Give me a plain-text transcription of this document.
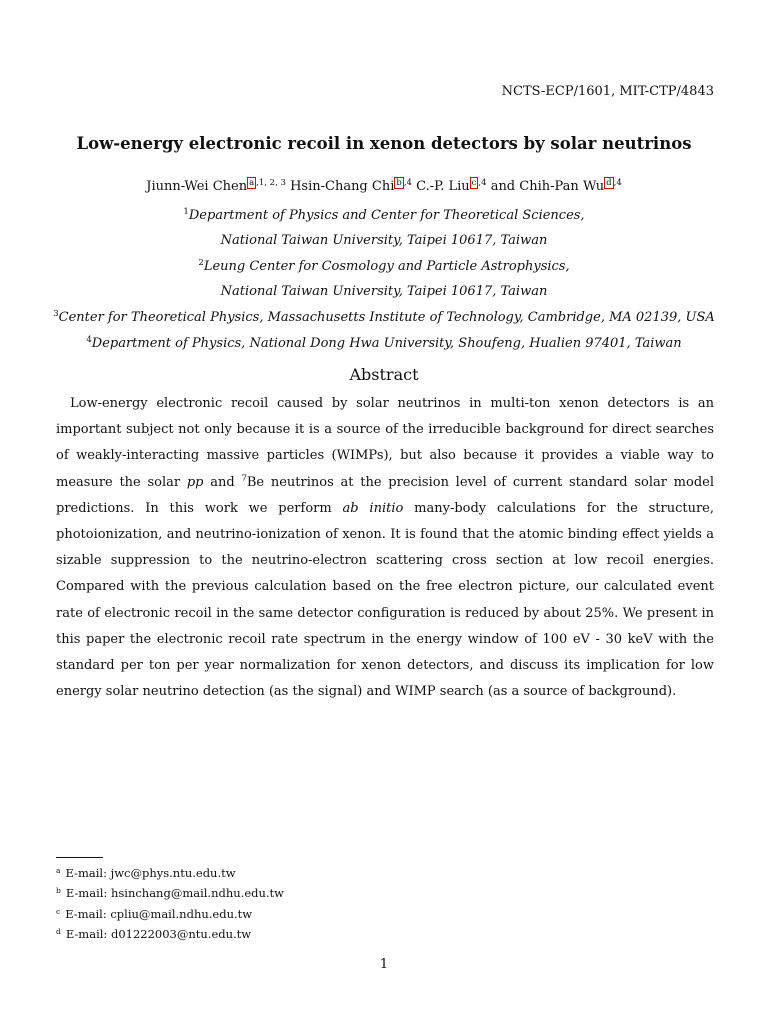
NCTS-ECP/1601, MIT-CTP/4843
Low-energy electronic recoil in xenon detectors by solar neutrinos
Jiunn-Wei Chen $^{a ,1, 2, 3}$ Hsin-Chang Chi $^{b ,4}$ C.-P. Liu $^{c ,4}$ and Chih-Pan Wu $^{d ,4}$
$^1$Department of Physics and Center for Theoretical Sciences,
National Taiwan University, Taipei 10617, Taiwan
$^2$Leung Center for Cosmology and Particle Astrophysics,
National Taiwan University, Taipei 10617, Taiwan
$^3$Center for Theoretical Physics, Massachusetts Institute of Technology, Cambridge, MA 02139, USA
$^4$Department of Physics, National Dong Hwa University, Shoufeng, Hualien 97401, Taiwan
Abstract
Low-energy electronic recoil caused by solar neutrinos in multi-ton xenon detectors is an important subject not only because it is a source of the irreducible background for direct searches of weakly-interacting massive particles (WIMPs), but also because it provides a viable way to measure the solar pp and $^7$Be neutrinos at the precision level of current standard solar model predictions. In this work we perform ab initio many-body calculations for the structure, photoionization, and neutrino-ionization of xenon. It is found that the atomic binding effect yields a sizable suppression to the neutrino-electron scattering cross section at low recoil energies. Compared with the previous calculation based on the free electron picture, our calculated event rate of electronic recoil in the same detector configuration is reduced by about 25%. We present in this paper the electronic recoil rate spectrum in the energy window of 100 eV - 30 keV with the standard per ton per year normalization for xenon detectors, and discuss its implication for low energy solar neutrino detection (as the signal) and WIMP search (as a source of background).
$^a$ E-mail: jwc@phys.ntu.edu.tw
$^b$ E-mail: hsinchang@mail.ndhu.edu.tw
$^c$ E-mail: cpliu@mail.ndhu.edu.tw
$^d$ E-mail: d01222003@ntu.edu.tw
1
